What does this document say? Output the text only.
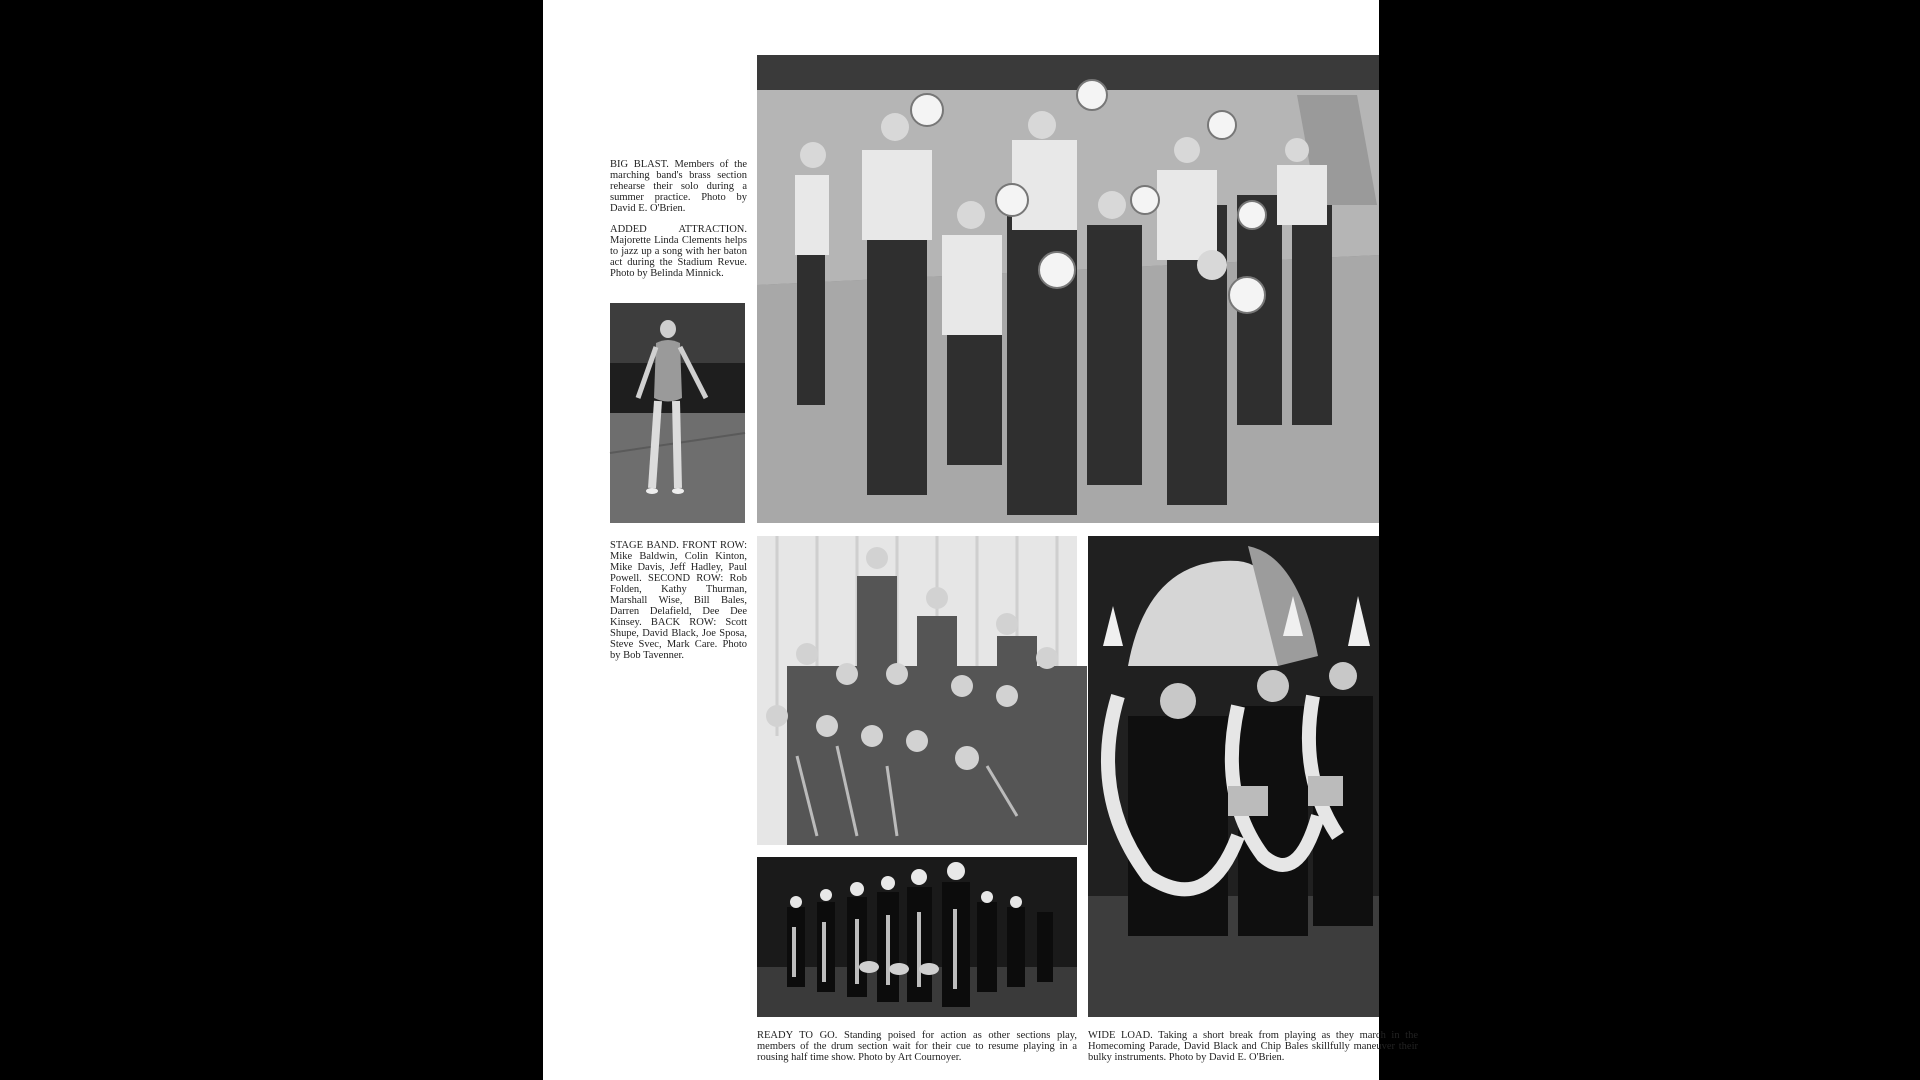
BIG BLAST. Members of the marching band's brass section rehearse their solo during a summer practice. Photo by David E. O'Brien.

ADDED ATTRACTION. Majorette Linda Clements helps to jazz up a song with her baton act during the Stadium Revue. Photo by Belinda Minnick.

STAGE BAND. FRONT ROW: Mike Baldwin, Colin Kinton, Mike Davis, Jeff Hadley, Paul Powell. SECOND ROW: Rob Folden, Kathy Thurman, Marshall Wise, Bill Bales, Darren Delafield, Dee Dee Kinsey. BACK ROW: Scott Shupe, David Black, Joe Sposa, Steve Svec, Mark Care. Photo by Bob Tavenner.

READY TO GO. Standing poised for action as other sections play, members of the drum section wait for their cue to resume playing in a rousing half time show. Photo by Art Cournoyer.

WIDE LOAD. Taking a short break from playing as they march in the Homecoming Parade, David Black and Chip Bales skillfully maneuver their bulky instruments. Photo by David E. O'Brien.
